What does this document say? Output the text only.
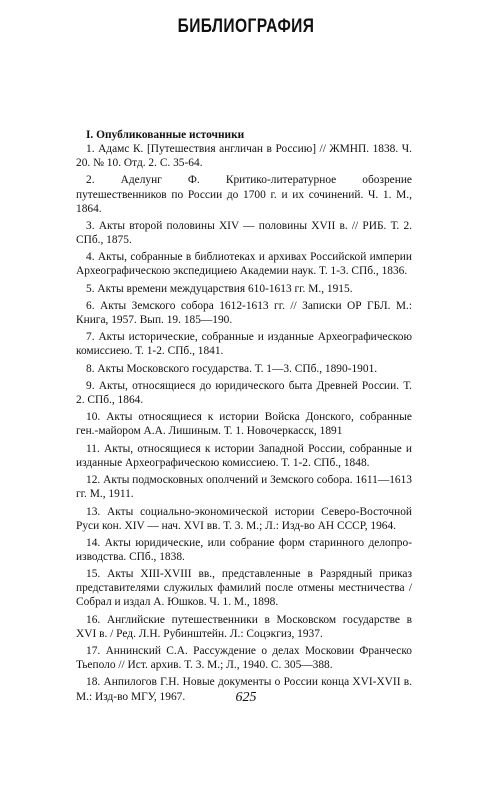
БИБЛИОГРАФИЯ

I. Опубликованные источники

1. Адамс К. [Путешествия англичан в Россию] // ЖМНП. 1838. Ч. 20. № 10. Отд. 2. С. 35-64.

2. Аделунг Ф. Критико-литературное обозрение путешественников по России до 1700 г. и их сочинений. Ч. 1. М., 1864.

3. Акты второй половины XIV — половины XVII в. // РИБ. Т. 2. СПб., 1875.

4. Акты, собранные в библиотеках и архивах Российской империи Археографическою экспедициею Академии наук. Т. 1-3. СПб., 1836.

5. Акты времени междуцарствия 610-1613 гг. М., 1915.

6. Акты Земского собора 1612-1613 гг. // Записки ОР ГБЛ. М.: Книга, 1957. Вып. 19. 185—190.

7. Акты исторические, собранные и изданные Археографическою комиссиею. Т. 1-2. СПб., 1841.

8. Акты Московского государства. Т. 1—3. СПб., 1890-1901.

9. Акты, относящиеся до юридического быта Древней России. Т. 2. СПб., 1864.

10. Акты относящиеся к истории Войска Донского, собранные ген.-майором А.А. Лишиным. Т. 1. Новочеркасск, 1891

11. Акты, относящиеся к истории Западной России, собранные и изданные Археографическою комиссиею. Т. 1-2. СПб., 1848.

12. Акты подмосковных ополчений и Земского собора. 1611—1613 гг. М., 1911.

13. Акты социально-экономической истории Северо-Восточной Руси кон. XIV — нач. XVI вв. Т. 3. М.; Л.: Изд-во АН СССР, 1964.

14. Акты юридические, или собрание форм старинного делопроизводства. СПб., 1838.

15. Акты XIII-XVIII вв., представленные в Разрядный приказ представителями служилых фамилий после отмены местничества / Собрал и издал А. Юшков. Ч. 1. М., 1898.

16. Английские путешественники в Московском государстве в XVI в. / Ред. Л.Н. Рубинштейн. Л.: Соцэкгиз, 1937.

17. Аннинский С.А. Рассуждение о делах Московии Франческо Тьеполо // Ист. архив. Т. 3. М.; Л., 1940. С. 305—388.

18. Анпилогов Г.Н. Новые документы о России конца XVI-XVII в. М.: Изд-во МГУ, 1967.	625
